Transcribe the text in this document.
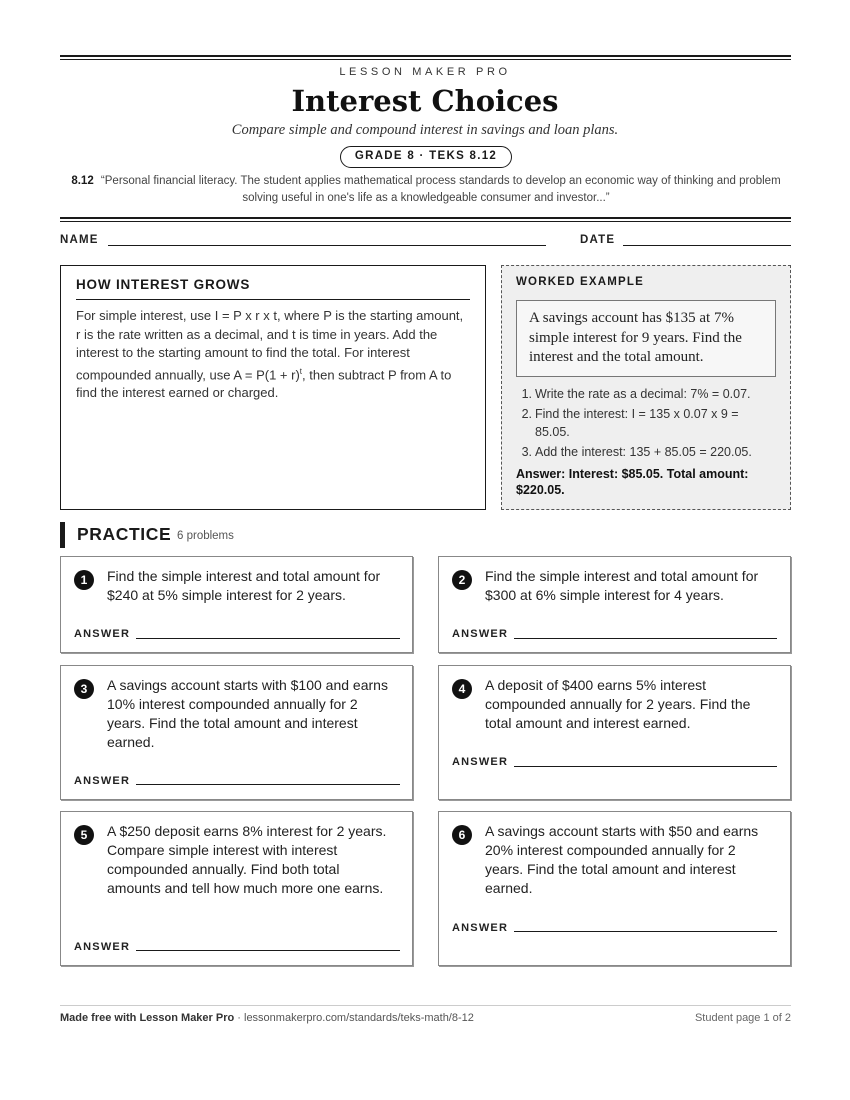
LESSON MAKER PRO
Interest Choices
Compare simple and compound interest in savings and loan plans.
GRADE 8 · TEKS 8.12
8.12 “Personal financial literacy. The student applies mathematical process standards to develop an economic way of thinking and problem solving useful in one's life as a knowledgeable consumer and investor...”
NAME	DATE
HOW INTEREST GROWS
For simple interest, use I = P x r x t, where P is the starting amount, r is the rate written as a decimal, and t is time in years. Add the interest to the starting amount to find the total. For interest compounded annually, use $A = P(1 + r)^t$, then subtract P from A to find the interest earned or charged.
WORKED EXAMPLE
A savings account has $135 at 7% simple interest for 9 years. Find the interest and the total amount.
1. Write the rate as a decimal: 7% = 0.07.
2. Find the interest: I = 135 x 0.07 x 9 = 85.05.
3. Add the interest: 135 + 85.05 = 220.05.
Answer: Interest: $85.05. Total amount: $220.05.
PRACTICE 6 problems
1	Find the simple interest and total amount for $240 at 5% simple interest for 2 years.
ANSWER
2	Find the simple interest and total amount for $300 at 6% simple interest for 4 years.
ANSWER
3	A savings account starts with $100 and earns 10% interest compounded annually for 2 years. Find the total amount and interest earned.
ANSWER
4	A deposit of $400 earns 5% interest compounded annually for 2 years. Find the total amount and interest earned.
ANSWER
5	A $250 deposit earns 8% interest for 2 years. Compare simple interest with interest compounded annually. Find both total amounts and tell how much more one earns.
ANSWER
6	A savings account starts with $50 and earns 20% interest compounded annually for 2 years. Find the total amount and interest earned.
ANSWER
Made free with Lesson Maker Pro · lessonmakerpro.com/standards/teks-math/8-12	Student page 1 of 2
